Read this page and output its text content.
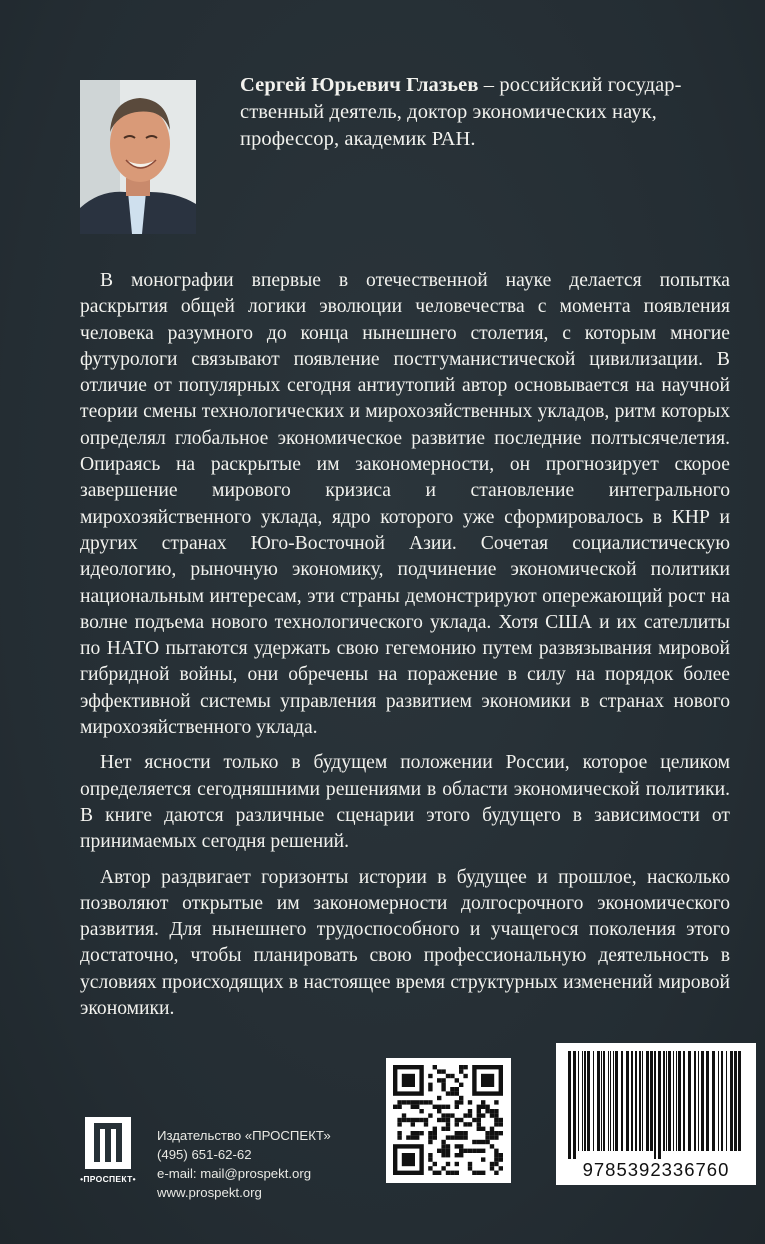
Сергей Юрьевич Глазьев – российский государ-
ственный деятель, доктор экономических наук,
профессор, академик РАН.

В монографии впервые в отечественной науке делается попытка раскрытия общей логики эволюции человечества с момента появления человека разумного до конца нынешнего столетия, с которым многие футурологи связывают появление постгуманистической цивилизации. В отличие от популярных сегодня антиутопий автор основывается на научной теории смены технологических и мирохозяйственных укладов, ритм которых определял глобальное экономическое развитие последние полтысячелетия. Опираясь на раскрытые им закономерности, он прогнозирует скорое завершение мирового кризиса и становление интегрального мирохозяйственного уклада, ядро которого уже сформировалось в КНР и других странах Юго-Восточной Азии. Сочетая социалистическую идеологию, рыночную экономику, подчинение экономической политики национальным интересам, эти страны демонстрируют опережающий рост на волне подъема нового технологического уклада. Хотя США и их сателлиты по НАТО пытаются удержать свою гегемонию путем развязывания мировой гибридной войны, они обречены на поражение в силу на порядок более эффективной системы управления развитием экономики в странах нового мирохозяйственного уклада.

Нет ясности только в будущем положении России, которое целиком определяется сегодняшними решениями в области экономической политики. В книге даются различные сценарии этого будущего в зависимости от принимаемых сегодня решений.

Автор раздвигает горизонты истории в будущее и прошлое, насколько позволяют открытые им закономерности долгосрочного экономического развития. Для нынешнего трудоспособного и учащегося поколения этого достаточно, чтобы планировать свою профессиональную деятельность в условиях происходящих в настоящее время структурных изменений мировой экономики.

•ПРОСПЕКТ•
Издательство «ПРОСПЕКТ»
(495) 651-62-62
e-mail: mail@prospekt.org
www.prospekt.org
9785392336760
